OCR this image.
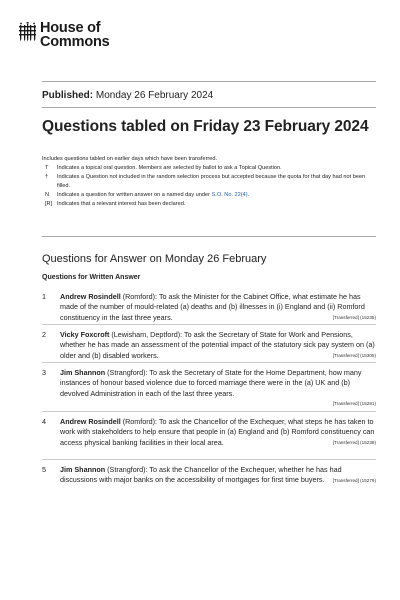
House of
Commons
Published: Monday 26 February 2024
Questions tabled on Friday 23 February 2024
Includes questions tabled on earlier days which have been transferred.
T	Indicates a topical oral question. Members are selected by ballot to ask a Topical Question.
†	Indicates a Question not included in the random selection process but accepted because the quota for that day had not been filled.
N	Indicates a question for written answer on a named day under S.O. No. 22(4).
[R] Indicates that a relevant interest has been declared.
Questions for Answer on Monday 26 February
Questions for Written Answer
1	Andrew Rosindell (Romford): To ask the Minister for the Cabinet Office, what estimate he has made of the number of mould-related (a) deaths and (b) illnesses in (i) England and (ii) Romford constituency in the last three years.	[Transferred] (15235)
2	Vicky Foxcroft (Lewisham, Deptford): To ask the Secretary of State for Work and Pensions, whether he has made an assessment of the potential impact of the statutory sick pay system on (a) older and (b) disabled workers.	[Transferred] (15305)
3	Jim Shannon (Strangford): To ask the Secretary of State for the Home Department, how many instances of honour based violence due to forced marriage there were in the (a) UK and (b) devolved Administration in each of the last three years.
[Transferred] (15281)
4	Andrew Rosindell (Romford): To ask the Chancellor of the Exchequer, what steps he has taken to work with stakeholders to help ensure that people in (a) England and (b) Romford constituency can access physical banking facilities in their local area.	[Transferred] (15238)
5	Jim Shannon (Strangford): To ask the Chancellor of the Exchequer, whether he has had discussions with major banks on the accessibility of mortgages for first time buyers. [Transferred] (15279)
